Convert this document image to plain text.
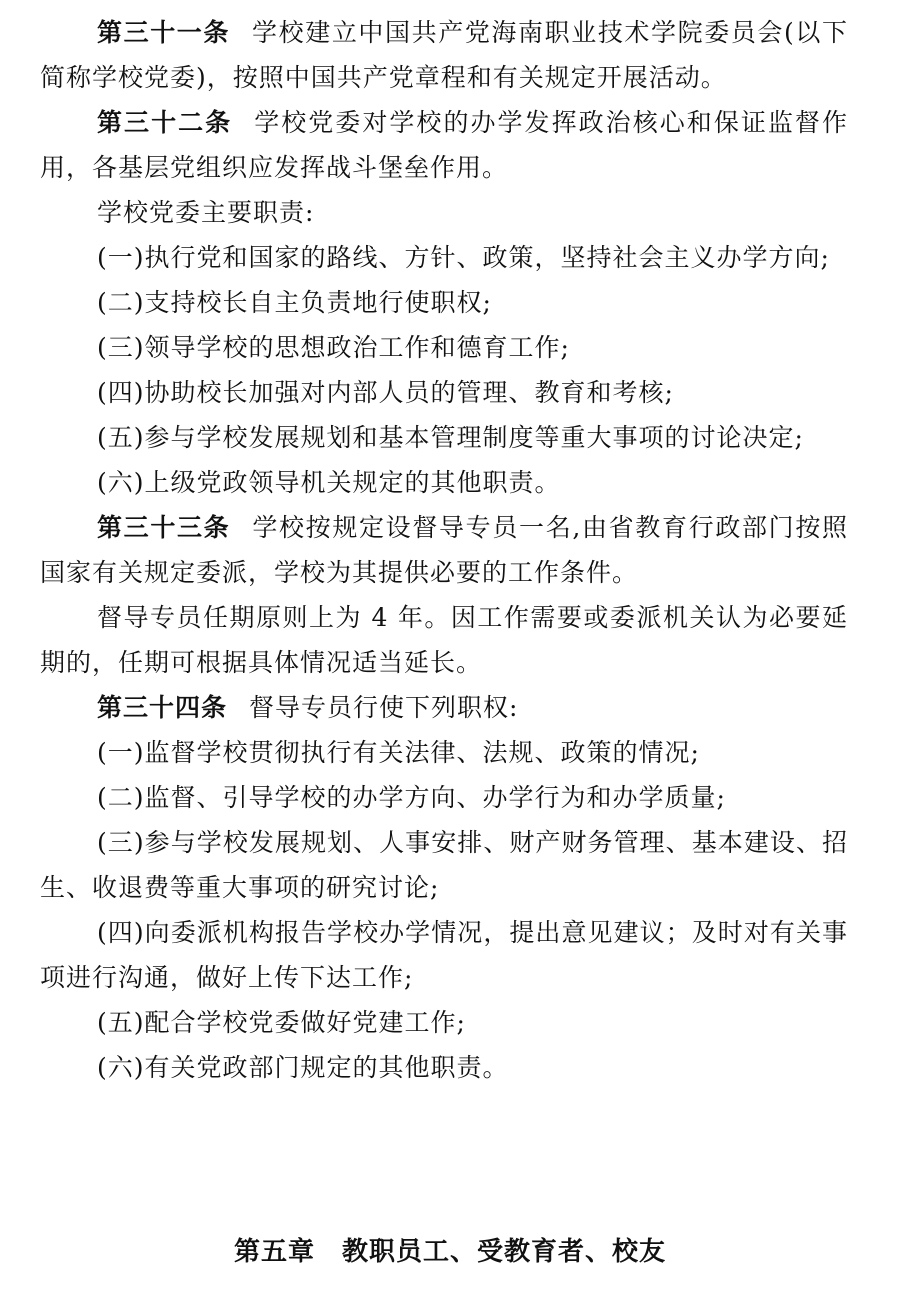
第三十一条 学校建立中国共产党海南职业技术学院委员会(以下简称学校党委)，按照中国共产党章程和有关规定开展活动。

第三十二条 学校党委对学校的办学发挥政治核心和保证监督作用，各基层党组织应发挥战斗堡垒作用。

学校党委主要职责:

(一)执行党和国家的路线、方针、政策，坚持社会主义办学方向;

(二)支持校长自主负责地行使职权;

(三)领导学校的思想政治工作和德育工作;

(四)协助校长加强对内部人员的管理、教育和考核;

(五)参与学校发展规划和基本管理制度等重大事项的讨论决定;

(六)上级党政领导机关规定的其他职责。

第三十三条 学校按规定设督导专员一名,由省教育行政部门按照国家有关规定委派，学校为其提供必要的工作条件。

督导专员任期原则上为 4 年。因工作需要或委派机关认为必要延期的，任期可根据具体情况适当延长。

第三十四条 督导专员行使下列职权:

(一)监督学校贯彻执行有关法律、法规、政策的情况;

(二)监督、引导学校的办学方向、办学行为和办学质量;

(三)参与学校发展规划、人事安排、财产财务管理、基本建设、招生、收退费等重大事项的研究讨论;

(四)向委派机构报告学校办学情况，提出意见建议；及时对有关事项进行沟通，做好上传下达工作;

(五)配合学校党委做好党建工作;

(六)有关党政部门规定的其他职责。

第五章　教职员工、受教育者、校友
